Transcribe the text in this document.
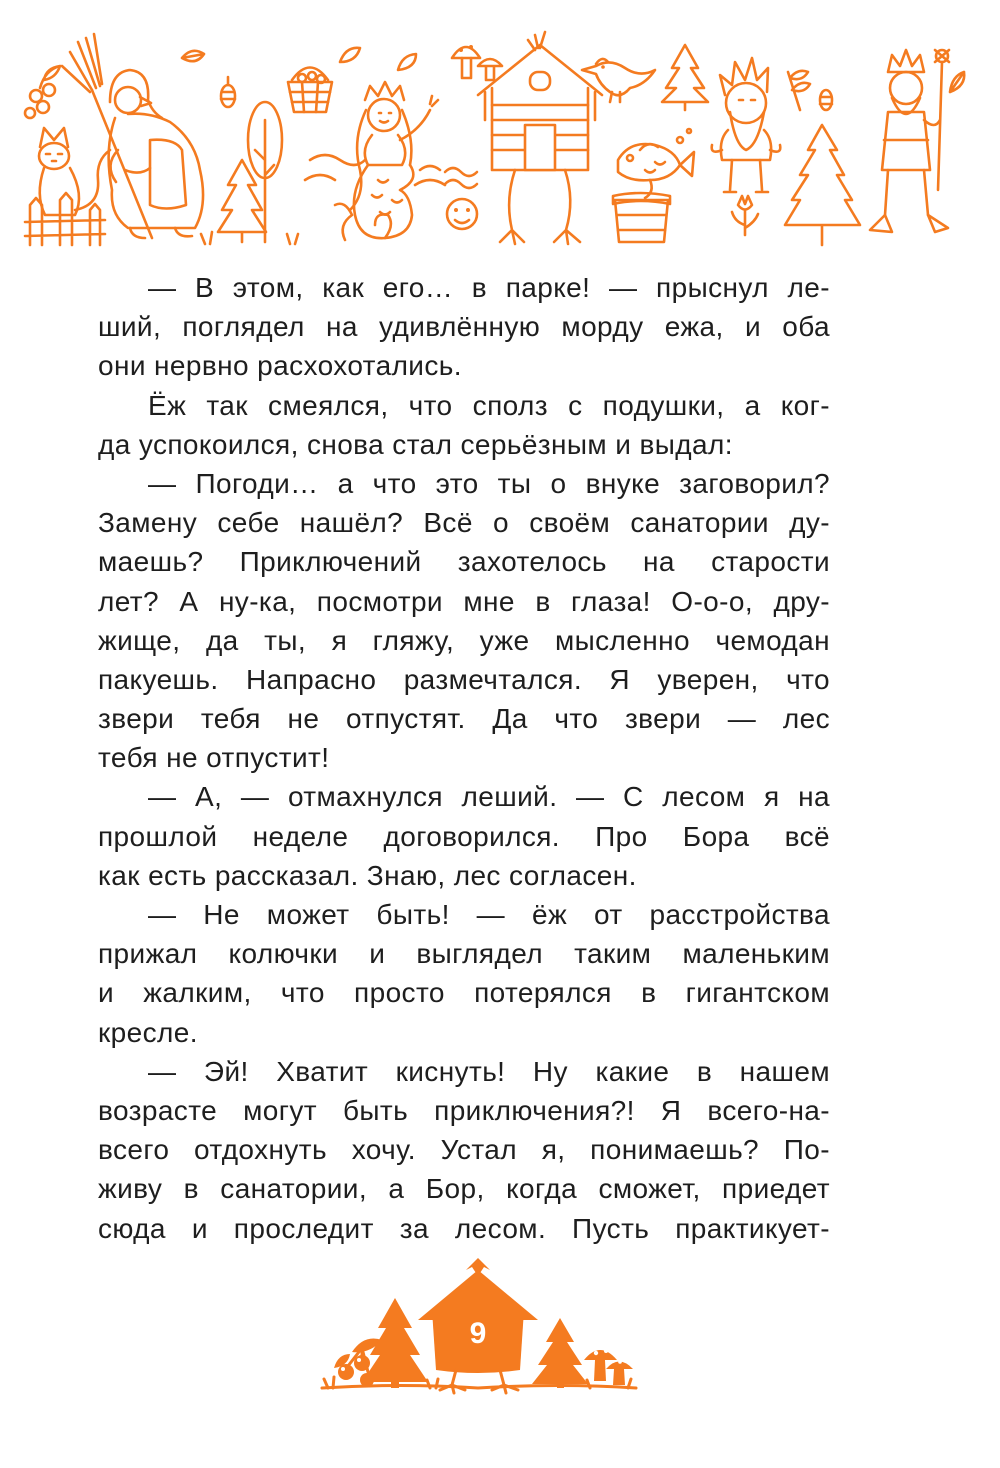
— В этом, как его… в парке! — прыснул ле-
ший, поглядел на удивлённую морду ежа, и оба
они нервно расхохотались.
Ёж так смеялся, что сполз с подушки, а ког-
да успокоился, снова стал серьёзным и выдал:
— Погоди… а что это ты о внуке заговорил?
Замену себе нашёл? Всё о своём санатории ду-
маешь? Приключений захотелось на старости
лет? А ну-ка, посмотри мне в глаза! О-о-о, дру-
жище, да ты, я гляжу, уже мысленно чемодан
пакуешь. Напрасно размечтался. Я уверен, что
звери тебя не отпустят. Да что звери — лес
тебя не отпустит!
— А, — отмахнулся леший. — С лесом я на
прошлой неделе договорился. Про Бора всё
как есть рассказал. Знаю, лес согласен.
— Не может быть! — ёж от расстройства
прижал колючки и выглядел таким маленьким
и жалким, что просто потерялся в гигантском
кресле.
— Эй! Хватит киснуть! Ну какие в нашем
возрасте могут быть приключения?! Я всего-на-
всего отдохнуть хочу. Устал я, понимаешь? По-
живу в санатории, а Бор, когда сможет, приедет
сюда и проследит за лесом. Пусть практикует-
9
